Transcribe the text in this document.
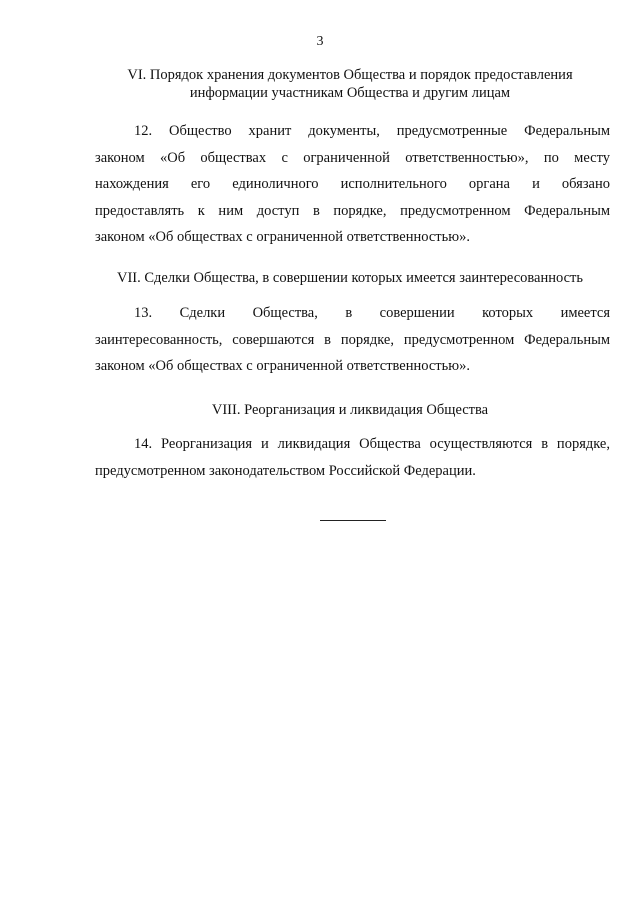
3
VI. Порядок хранения документов Общества и порядок предоставления
информации участникам Общества и другим лицам
12. Общество хранит документы, предусмотренные Федеральным
законом «Об обществах с ограниченной ответственностью», по месту
нахождения его единоличного исполнительного органа и обязано
предоставлять к ним доступ в порядке, предусмотренном Федеральным
законом «Об обществах с ограниченной ответственностью».
VII. Сделки Общества, в совершении которых имеется заинтересованность
13. Сделки Общества, в совершении которых имеется
заинтересованность, совершаются в порядке, предусмотренном Федеральным
законом «Об обществах с ограниченной ответственностью».
VIII. Реорганизация и ликвидация Общества
14. Реорганизация и ликвидация Общества осуществляются в порядке,
предусмотренном законодательством Российской Федерации.
